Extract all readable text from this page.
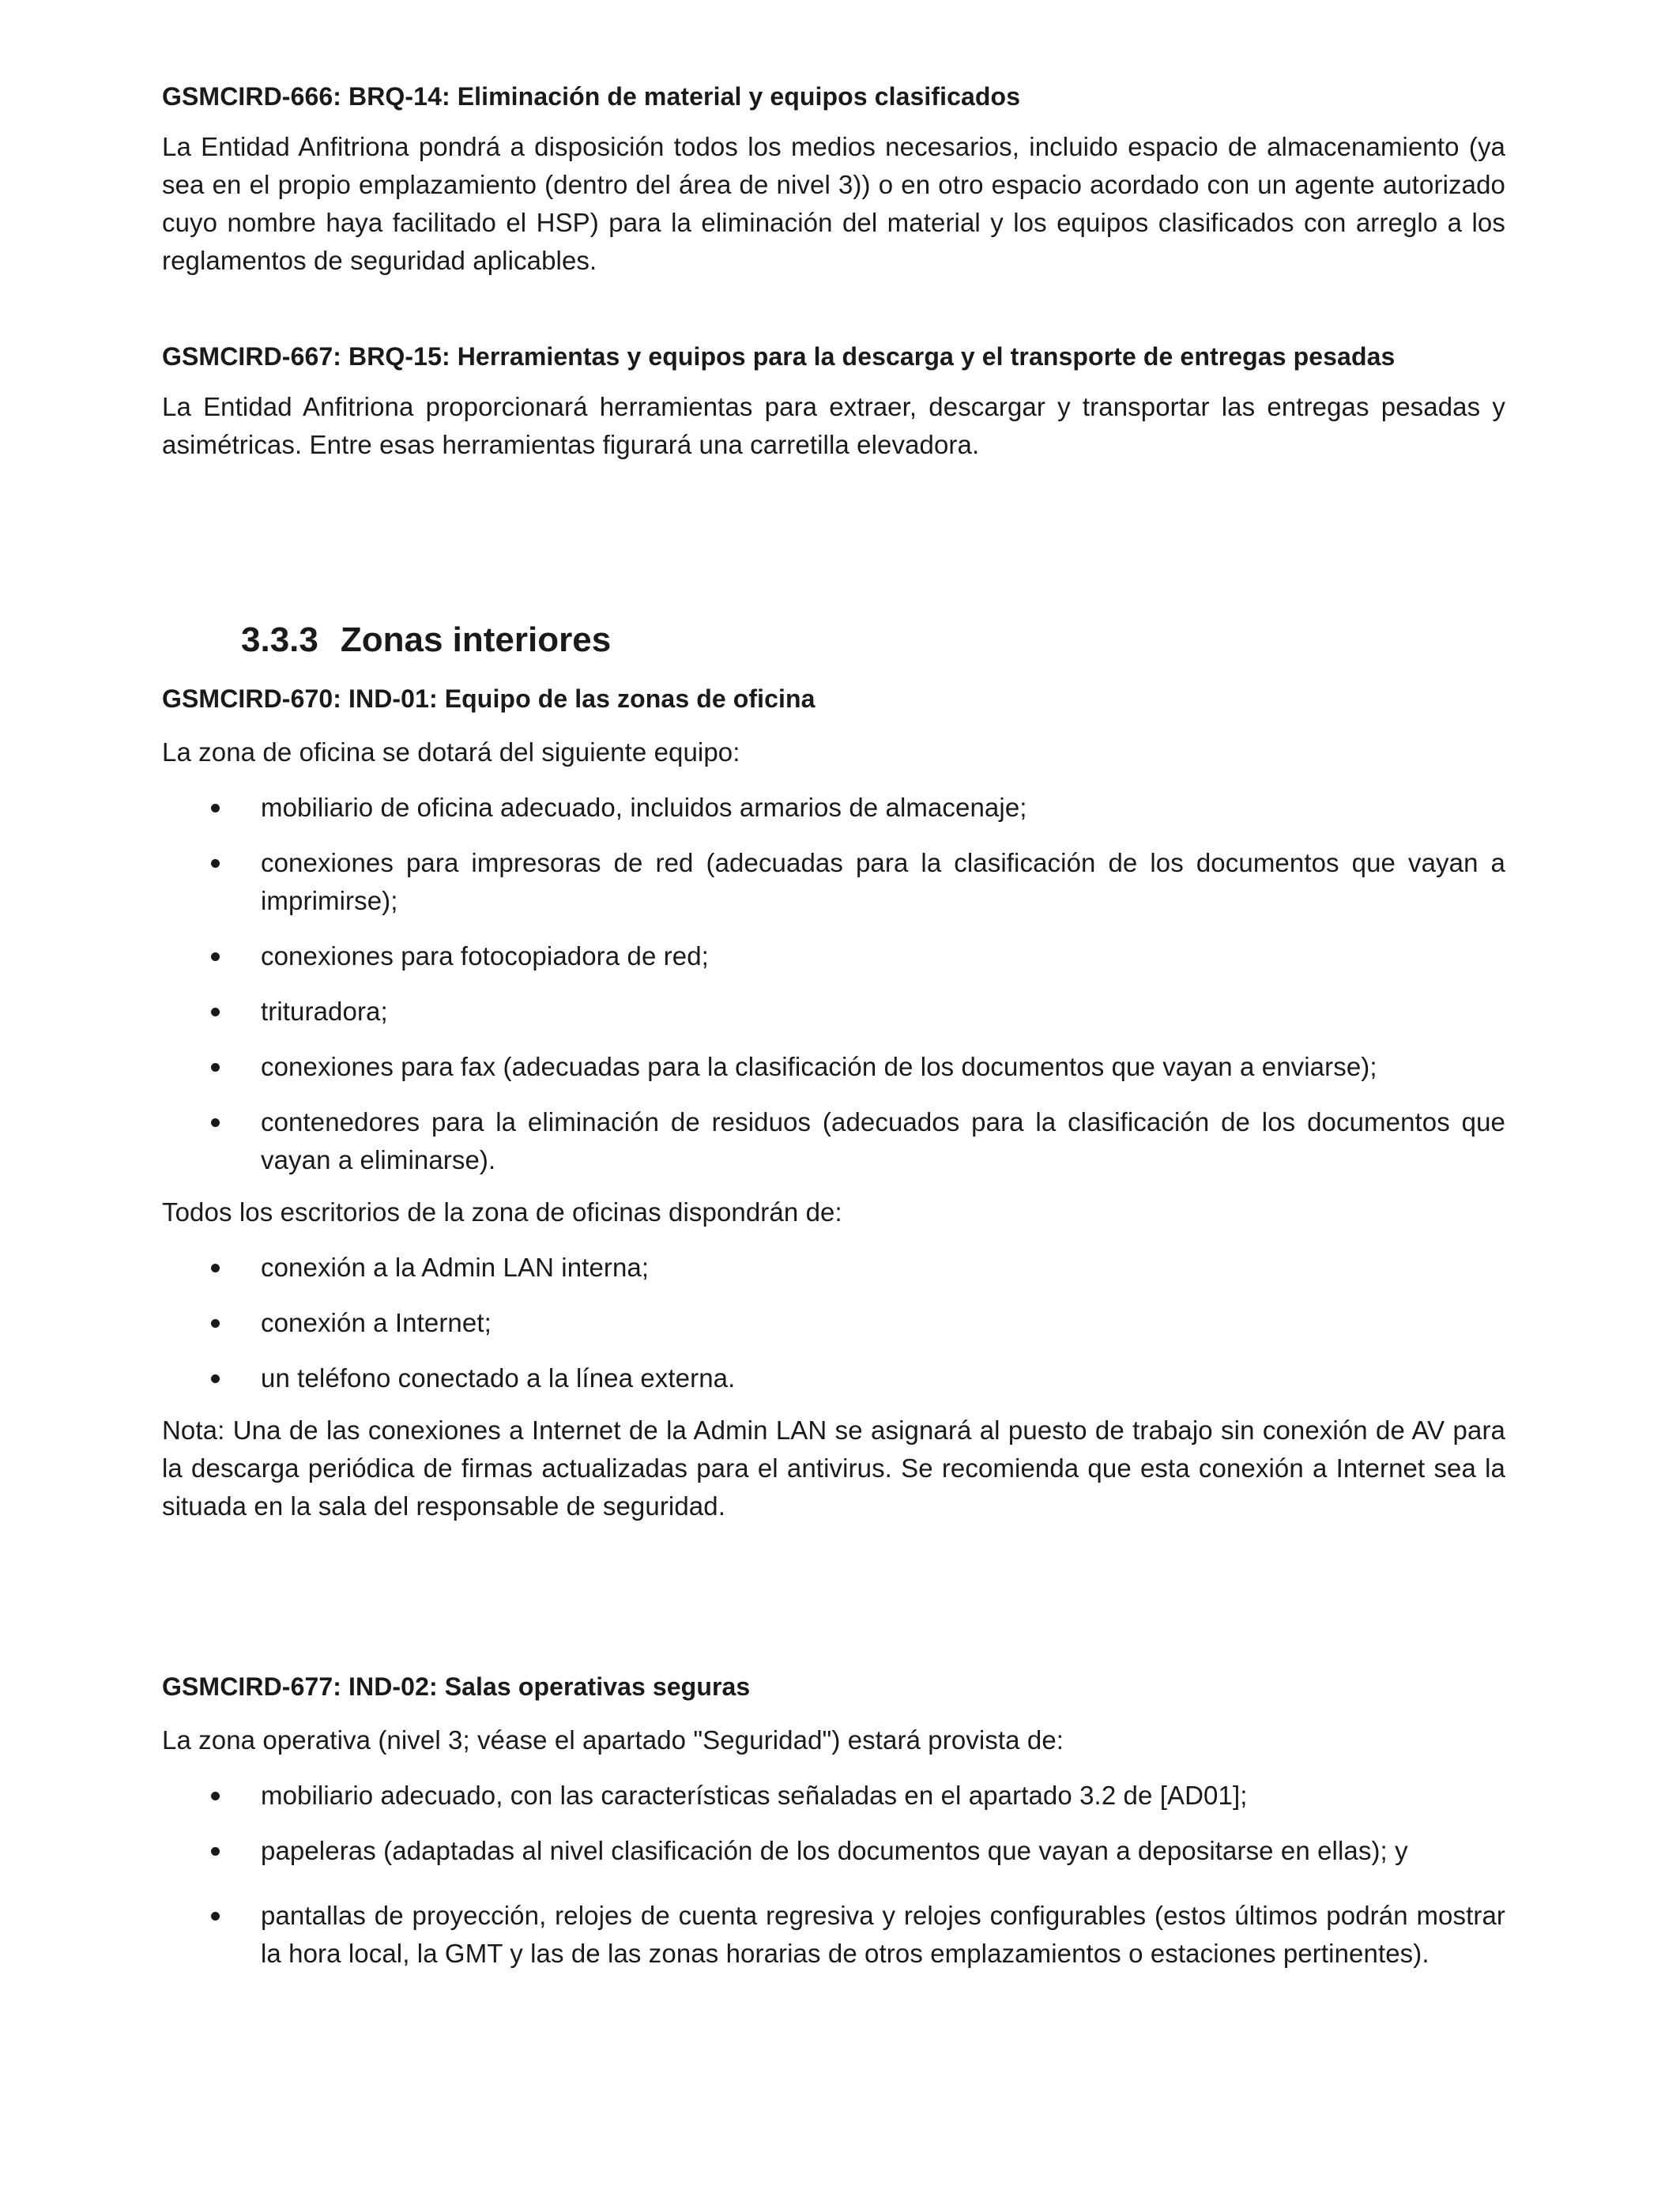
GSMCIRD-666: BRQ-14: Eliminación de material y equipos clasificados

La Entidad Anfitriona pondrá a disposición todos los medios necesarios, incluido espacio de almacenamiento (ya sea en el propio emplazamiento (dentro del área de nivel 3)) o en otro espacio acordado con un agente autorizado cuyo nombre haya facilitado el HSP) para la eliminación del material y los equipos clasificados con arreglo a los reglamentos de seguridad aplicables.

GSMCIRD-667: BRQ-15: Herramientas y equipos para la descarga y el transporte de entregas pesadas

La Entidad Anfitriona proporcionará herramientas para extraer, descargar y transportar las entregas pesadas y asimétricas. Entre esas herramientas figurará una carretilla elevadora.

3.3.3 Zonas interiores

GSMCIRD-670: IND-01: Equipo de las zonas de oficina

La zona de oficina se dotará del siguiente equipo:

mobiliario de oficina adecuado, incluidos armarios de almacenaje;
conexiones para impresoras de red (adecuadas para la clasificación de los documentos que vayan a imprimirse);
conexiones para fotocopiadora de red;
trituradora;
conexiones para fax (adecuadas para la clasificación de los documentos que vayan a enviarse);
contenedores para la eliminación de residuos (adecuados para la clasificación de los documentos que vayan a eliminarse).

Todos los escritorios de la zona de oficinas dispondrán de:

conexión a la Admin LAN interna;
conexión a Internet;
un teléfono conectado a la línea externa.

Nota: Una de las conexiones a Internet de la Admin LAN se asignará al puesto de trabajo sin conexión de AV para la descarga periódica de firmas actualizadas para el antivirus. Se recomienda que esta conexión a Internet sea la situada en la sala del responsable de seguridad.

GSMCIRD-677: IND-02: Salas operativas seguras

La zona operativa (nivel 3; véase el apartado "Seguridad") estará provista de:

mobiliario adecuado, con las características señaladas en el apartado 3.2 de [AD01];
papeleras (adaptadas al nivel clasificación de los documentos que vayan a depositarse en ellas); y
pantallas de proyección, relojes de cuenta regresiva y relojes configurables (estos últimos podrán mostrar la hora local, la GMT y las de las zonas horarias de otros emplazamientos o estaciones pertinentes).
